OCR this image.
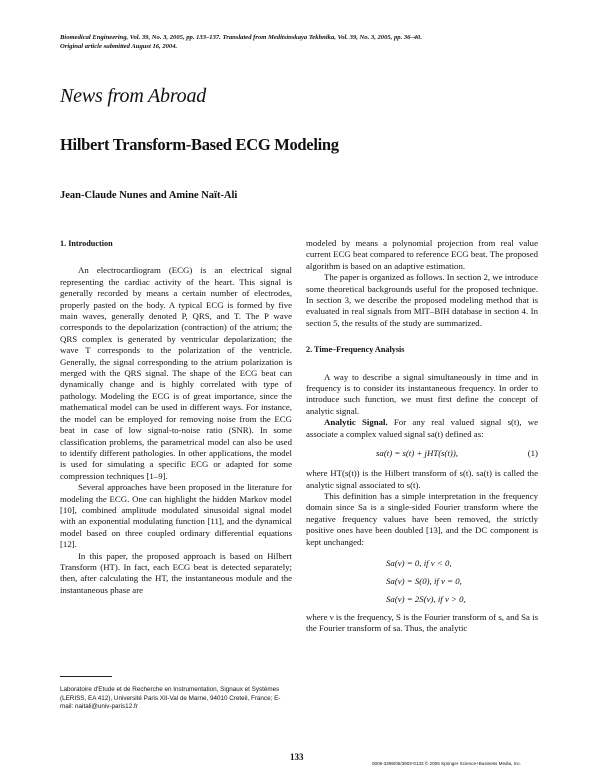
Biomedical Engineering, Vol. 39, No. 3, 2005, pp. 133–137. Translated from Meditsinskaya Tekhnika, Vol. 39, No. 3, 2005, pp. 36–40.
Original article submitted August 16, 2004.
News from Abroad
Hilbert Transform-Based ECG Modeling
Jean-Claude Nunes and Amine Naït-Ali
1. Introduction

An electrocardiogram (ECG) is an electrical signal representing the cardiac activity of the heart. This signal is generally recorded by means a certain number of electrodes, properly pasted on the body. A typical ECG is formed by five main waves, generally denoted P, QRS, and T. The P wave corresponds to the depolarization (contraction) of the atrium; the QRS complex is generated by ventricular depolarization; the wave T corresponds to the polarization of the ventricle. Generally, the signal corresponding to the atrium polarization is merged with the QRS signal. The shape of the ECG beat can dynamically change and is highly correlated with type of pathology. Modeling the ECG is of great importance, since the mathematical model can be used in different ways. For instance, the model can be employed for removing noise from the ECG beat in case of low signal-to-noise ratio (SNR). In some classification problems, the parametrical model can also be used to identify different pathologies. In other applications, the model is used for simulating a specific ECG or adapted for some compression techniques [1–9].

Several approaches have been proposed in the literature for modeling the ECG. One can highlight the hidden Markov model [10], combined amplitude modulated sinusoidal signal model with an exponential modulating function [11], and the dynamical model based on three coupled ordinary differential equations [12].

In this paper, the proposed approach is based on Hilbert Transform (HT). In fact, each ECG beat is detected separately; then, after calculating the HT, the instantaneous module and the instantaneous phase are

modeled by means a polynomial projection from real value current ECG beat compared to reference ECG beat. The proposed algorithm is based on an adaptive estimation.

The paper is organized as follows. In section 2, we introduce some theoretical backgrounds useful for the proposed technique. In section 3, we describe the proposed modeling method that is evaluated in real signals from MIT–BIH database in section 4. In section 5, the results of the study are summarized.

2. Time–Frequency Analysis

A way to describe a signal simultaneously in time and in frequency is to consider its instantaneous frequency. In order to introduce such function, we must first define the concept of analytic signal.

Analytic Signal. For any real valued signal s(t), we associate a complex valued signal sa(t) defined as:

sa(t) = s(t) + jHT(s(t)),	(1)

where HT(s(t)) is the Hilbert transform of s(t). sa(t) is called the analytic signal associated to s(t).

This definition has a simple interpretation in the frequency domain since Sa is a single-sided Fourier transform where the negative frequency values have been removed, the strictly positive ones have been doubled [13], and the DC component is kept unchanged:

Sa(ν) = 0, if ν < 0,
Sa(ν) = S(0), if ν = 0,
Sa(ν) = 2S(ν), if ν > 0,

where ν is the frequency, S is the Fourier transform of s, and Sa is the Fourier transform of sa. Thus, the analytic

Laboratoire d'Etude et de Recherche en Instrumentation, Signaux et Systèmes (LERISS, EA 412), Université Paris XII-Val de Marne, 94010 Creteil, France; E-mail: naitali@univ-paris12.fr
133
0006-3398/05/3903-0133 © 2005 Springer Science+Business Media, Inc.
